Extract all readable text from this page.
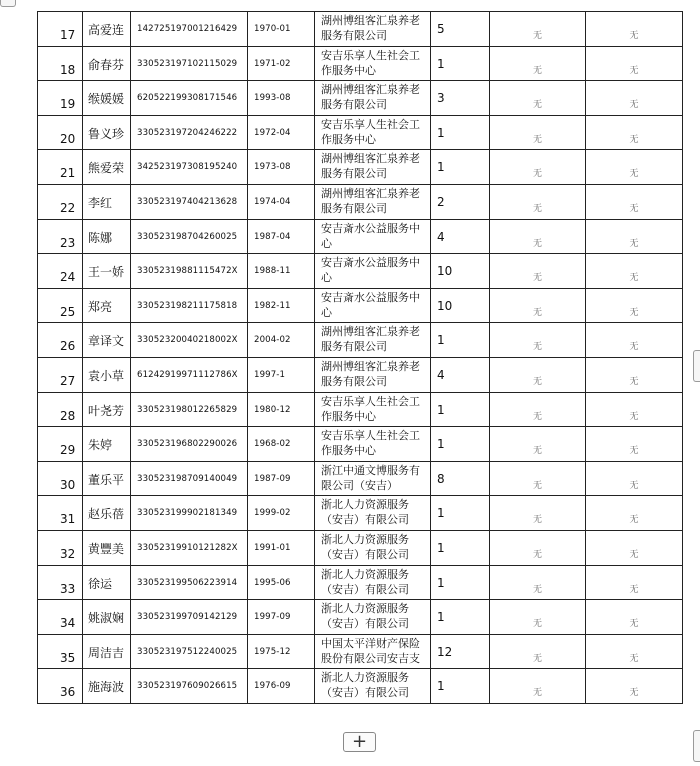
17	高爱连	142725197001216429	1970-01	湖州博组客汇泉养老服务有限公司	5	无	无

18	俞春芬	330523197102115029	1971-02	安吉乐享人生社会工作服务中心	1	无	无

19	缑媛媛	620522199308171546	1993-08	湖州博组客汇泉养老服务有限公司	3	无	无

20	鲁义珍	330523197204246222	1972-04	安吉乐享人生社会工作服务中心	1	无	无

21	熊爱荣	342523197308195240	1973-08	湖州博组客汇泉养老服务有限公司	1	无	无

22	李红	330523197404213628	1974-04	湖州博组客汇泉养老服务有限公司	2	无	无

23	陈娜	330523198704260025	1987-04	安吉斎水公益服务中心	4	无	无

24	王一娇	33052319881115472X	1988-11	安吉斎水公益服务中心	10	无	无

25	郑亮	330523198211175818	1982-11	安吉斎水公益服务中心	10	无	无

26	章译文	33052320040218002X	2004-02	湖州博组客汇泉养老服务有限公司	1	无	无

27	袁小草	61242919971112786X	1997-1	湖州博组客汇泉养老服务有限公司	4	无	无

28	叶尧芳	330523198012265829	1980-12	安吉乐享人生社会工作服务中心	1	无	无

29	朱婷	330523196802290026	1968-02	安吉乐享人生社会工作服务中心	1	无	无

30	董乐平	330523198709140049	1987-09	浙江中通文博服务有限公司（安吉）	8	无	无

31	赵乐蓓	330523199902181349	1999-02	浙北人力资源服务（安吉）有限公司	1	无	无

32	黄豐美	33052319910121282X	1991-01	浙北人力资源服务（安吉）有限公司	1	无	无

33	徐运	330523199506223914	1995-06	浙北人力资源服务（安吉）有限公司	1	无	无

34	姚淑娴	330523199709142129	1997-09	浙北人力资源服务（安吉）有限公司	1	无	无

35	周洁吉	330523197512240025	1975-12	中国太平洋财产保险股份有限公司安吉支	12	无	无

36	施海波	330523197609026615	1976-09	浙北人力资源服务（安吉）有限公司	1	无	无
+
